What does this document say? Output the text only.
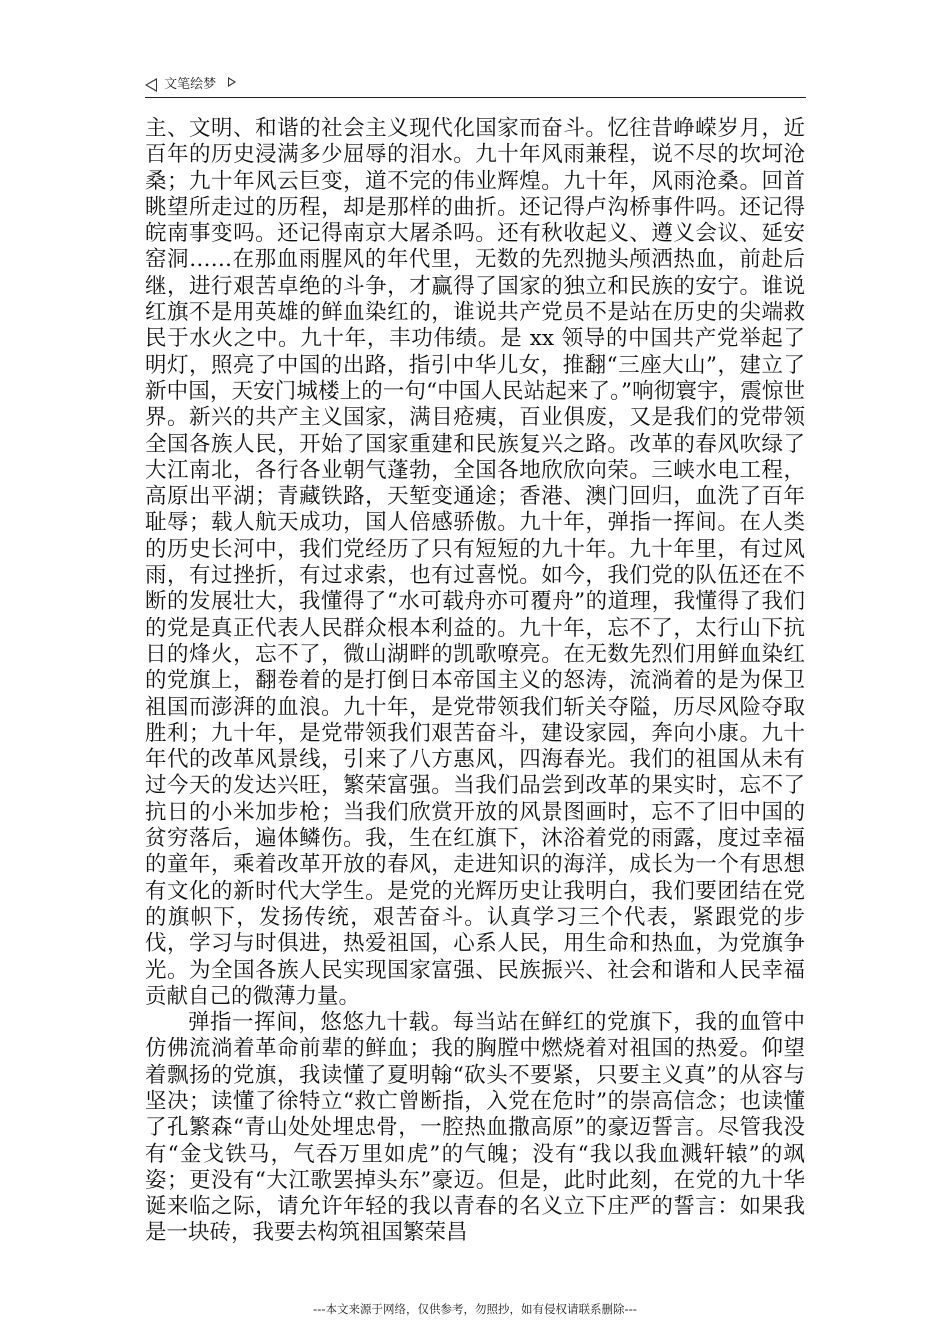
文笔绘梦

主、文明、和谐的社会主义现代化国家而奋斗。忆往昔峥嵘岁月，近百年的历史浸满多少屈辱的泪水。九十年风雨兼程，说不尽的坎坷沧桑；九十年风云巨变，道不完的伟业辉煌。九十年，风雨沧桑。回首眺望所走过的历程，却是那样的曲折。还记得卢沟桥事件吗。还记得皖南事变吗。还记得南京大屠杀吗。还有秋收起义、遵义会议、延安窑洞……在那血雨腥风的年代里，无数的先烈抛头颅洒热血，前赴后继，进行艰苦卓绝的斗争，才赢得了国家的独立和民族的安宁。谁说红旗不是用英雄的鲜血染红的，谁说共产党员不是站在历史的尖端救民于水火之中。九十年，丰功伟绩。是 xx 领导的中国共产党举起了明灯，照亮了中国的出路，指引中华儿女，推翻“三座大山”，建立了新中国，天安门城楼上的一句“中国人民站起来了。”响彻寰宇，震惊世界。新兴的共产主义国家，满目疮痍，百业俱废，又是我们的党带领全国各族人民，开始了国家重建和民族复兴之路。改革的春风吹绿了大江南北，各行各业朝气蓬勃，全国各地欣欣向荣。三峡水电工程，高原出平湖；青藏铁路，天堑变通途；香港、澳门回归，血洗了百年耻辱；载人航天成功，国人倍感骄傲。九十年，弹指一挥间。在人类的历史长河中，我们党经历了只有短短的九十年。九十年里，有过风雨，有过挫折，有过求索，也有过喜悦。如今，我们党的队伍还在不断的发展壮大，我懂得了“水可载舟亦可覆舟”的道理，我懂得了我们的党是真正代表人民群众根本利益的。九十年，忘不了，太行山下抗日的烽火，忘不了，微山湖畔的凯歌嘹亮。在无数先烈们用鲜血染红的党旗上，翻卷着的是打倒日本帝国主义的怒涛，流淌着的是为保卫祖国而澎湃的血浪。九十年，是党带领我们斩关夺隘，历尽风险夺取胜利；九十年，是党带领我们艰苦奋斗，建设家园，奔向小康。九十年代的改革风景线，引来了八方惠风，四海春光。我们的祖国从未有过今天的发达兴旺，繁荣富强。当我们品尝到改革的果实时，忘不了抗日的小米加步枪；当我们欣赏开放的风景图画时，忘不了旧中国的贫穷落后，遍体鳞伤。我，生在红旗下，沐浴着党的雨露，度过幸福的童年，乘着改革开放的春风，走进知识的海洋，成长为一个有思想有文化的新时代大学生。是党的光辉历史让我明白，我们要团结在党的旗帜下，发扬传统，艰苦奋斗。认真学习三个代表，紧跟党的步伐，学习与时俱进，热爱祖国，心系人民，用生命和热血，为党旗争光。为全国各族人民实现国家富强、民族振兴、社会和谐和人民幸福贡献自己的微薄力量。

弹指一挥间，悠悠九十载。每当站在鲜红的党旗下，我的血管中仿佛流淌着革命前辈的鲜血；我的胸膛中燃烧着对祖国的热爱。仰望着飘扬的党旗，我读懂了夏明翰“砍头不要紧，只要主义真”的从容与坚决；读懂了徐特立“救亡曾断指，入党在危时”的崇高信念；也读懂了孔繁森“青山处处埋忠骨，一腔热血撒高原”的豪迈誓言。尽管我没有“金戈铁马，气吞万里如虎”的气魄；没有“我以我血溅轩辕”的飒姿；更没有“大江歌罢掉头东”豪迈。但是，此时此刻，在党的九十华诞来临之际，请允许年轻的我以青春的名义立下庄严的誓言：如果我是一块砖，我要去构筑祖国繁荣昌

---本文来源于网络，仅供参考，勿照抄，如有侵权请联系删除---
